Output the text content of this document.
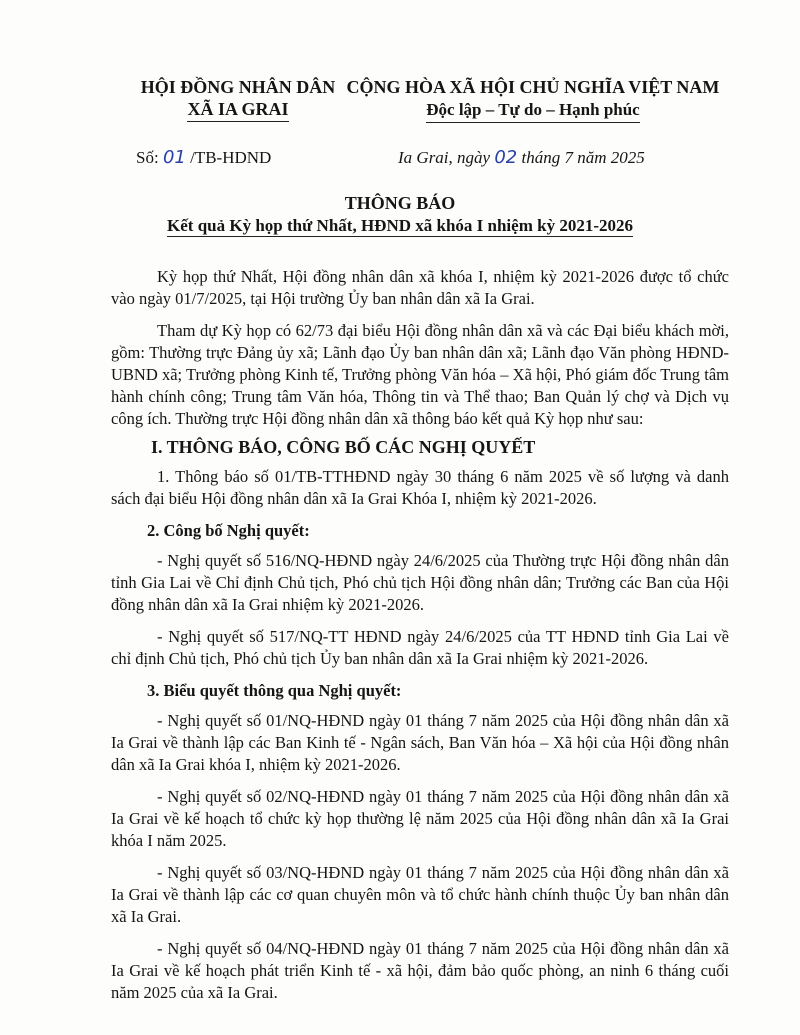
HỘI ĐỒNG NHÂN DÂN
XÃ IA GRAI
CỘNG HÒA XÃ HỘI CHỦ NGHĨA VIỆT NAM
Độc lập – Tự do – Hạnh phúc
Số: 01 /TB-HDND	Ia Grai, ngày 02 tháng 7 năm 2025
THÔNG BÁO
Kết quả Kỳ họp thứ Nhất, HĐND xã khóa I nhiệm kỳ 2021-2026

Kỳ họp thứ Nhất, Hội đồng nhân dân xã khóa I, nhiệm kỳ 2021-2026 được tổ chức vào ngày 01/7/2025, tại Hội trường Ủy ban nhân dân xã Ia Grai.

Tham dự Kỳ họp có 62/73 đại biểu Hội đồng nhân dân xã và các Đại biểu khách mời, gồm: Thường trực Đảng ủy xã; Lãnh đạo Ủy ban nhân dân xã; Lãnh đạo Văn phòng HĐND-UBND xã; Trưởng phòng Kinh tế, Trưởng phòng Văn hóa – Xã hội, Phó giám đốc Trung tâm hành chính công; Trung tâm Văn hóa, Thông tin và Thể thao; Ban Quản lý chợ và Dịch vụ công ích. Thường trực Hội đồng nhân dân xã thông báo kết quả Kỳ họp như sau:

I. THÔNG BÁO, CÔNG BỐ CÁC NGHỊ QUYẾT

1. Thông báo số 01/TB-TTHĐND ngày 30 tháng 6 năm 2025 về số lượng và danh sách đại biểu Hội đồng nhân dân xã Ia Grai Khóa I, nhiệm kỳ 2021-2026.

2. Công bố Nghị quyết:

- Nghị quyết số 516/NQ-HĐND ngày 24/6/2025 của Thường trực Hội đồng nhân dân tỉnh Gia Lai về Chỉ định Chủ tịch, Phó chủ tịch Hội đồng nhân dân; Trưởng các Ban của Hội đồng nhân dân xã Ia Grai nhiệm kỳ 2021-2026.

- Nghị quyết số 517/NQ-TT HĐND ngày 24/6/2025 của TT HĐND tỉnh Gia Lai về chỉ định Chủ tịch, Phó chủ tịch Ủy ban nhân dân xã Ia Grai nhiệm kỳ 2021-2026.

3. Biểu quyết thông qua Nghị quyết:

- Nghị quyết số 01/NQ-HĐND ngày 01 tháng 7 năm 2025 của Hội đồng nhân dân xã Ia Grai về thành lập các Ban Kinh tế - Ngân sách, Ban Văn hóa – Xã hội của Hội đồng nhân dân xã Ia Grai khóa I, nhiệm kỳ 2021-2026.

- Nghị quyết số 02/NQ-HĐND ngày 01 tháng 7 năm 2025 của Hội đồng nhân dân xã Ia Grai về kế hoạch tổ chức kỳ họp thường lệ năm 2025 của Hội đồng nhân dân xã Ia Grai khóa I năm 2025.

- Nghị quyết số 03/NQ-HĐND ngày 01 tháng 7 năm 2025 của Hội đồng nhân dân xã Ia Grai về thành lập các cơ quan chuyên môn và tổ chức hành chính thuộc Ủy ban nhân dân xã Ia Grai.

- Nghị quyết số 04/NQ-HĐND ngày 01 tháng 7 năm 2025 của Hội đồng nhân dân xã Ia Grai về kế hoạch phát triển Kinh tế - xã hội, đảm bảo quốc phòng, an ninh 6 tháng cuối năm 2025 của xã Ia Grai.
